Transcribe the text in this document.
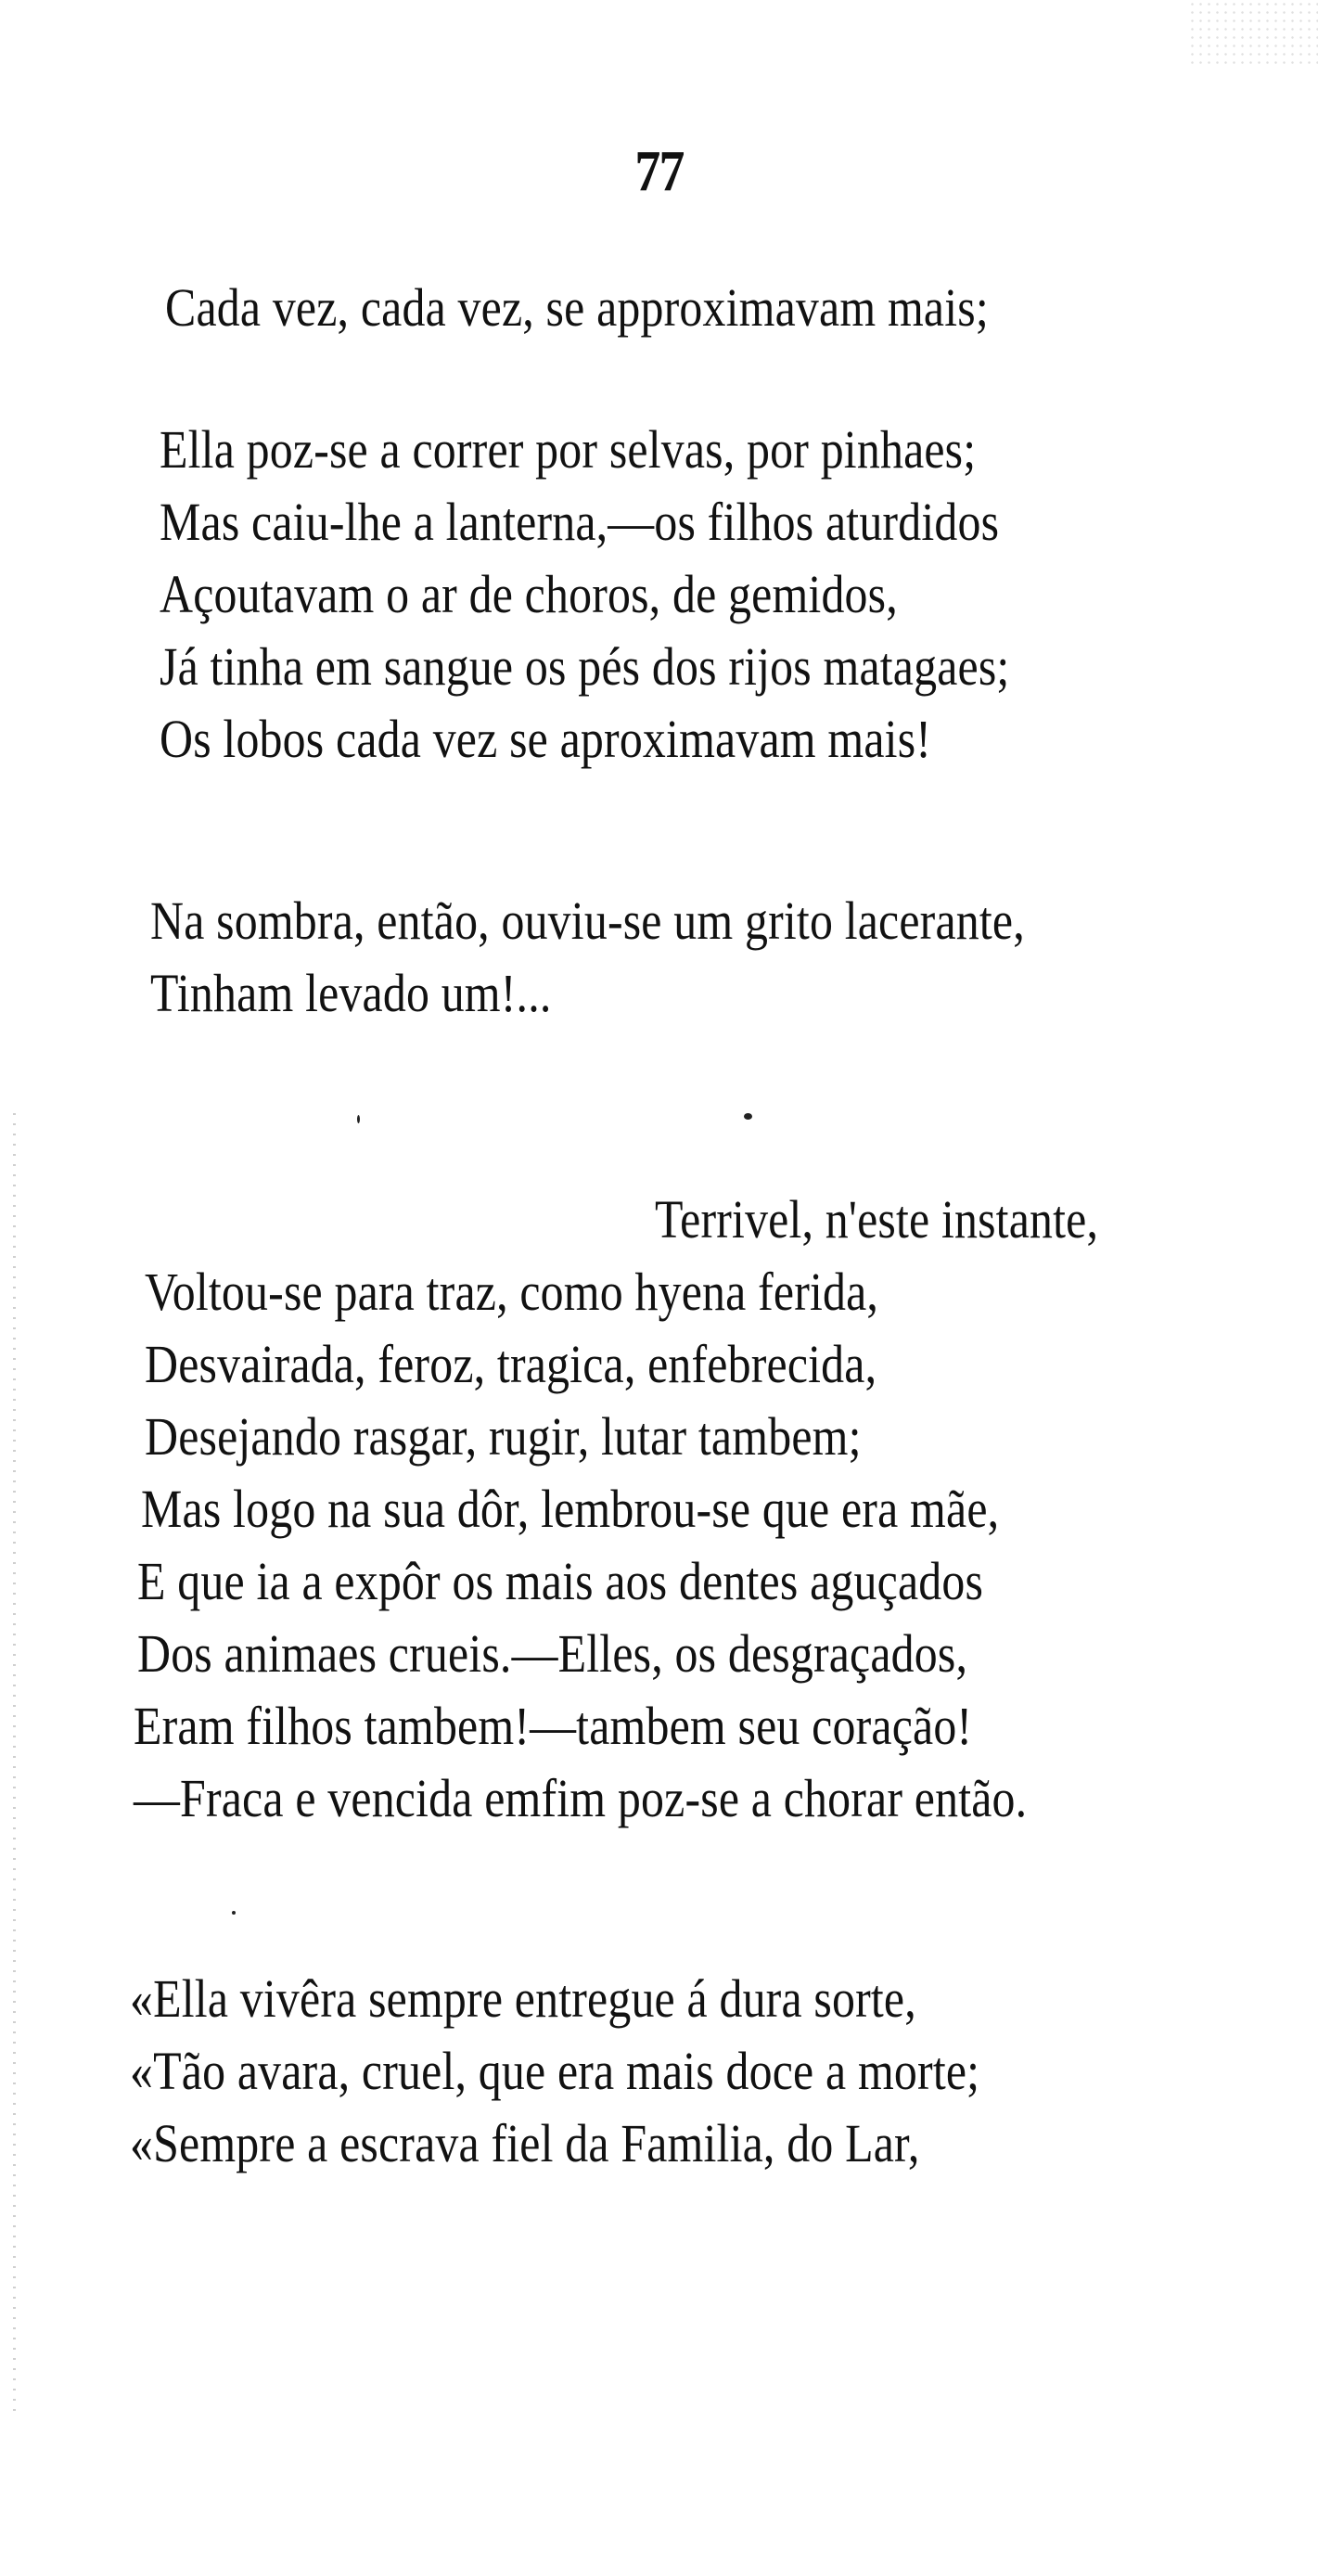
77
Cada vez, cada vez, se approximavam mais;
Ella poz-se a correr por selvas, por pinhaes;
Mas caiu-lhe a lanterna,—os filhos aturdidos
Açoutavam o ar de choros, de gemidos,
Já tinha em sangue os pés dos rijos matagaes;
Os lobos cada vez se aproximavam mais!
Na sombra, então, ouviu-se um grito lacerante,
Tinham levado um!...
Terrivel, n'este instante,
Voltou-se para traz, como hyena ferida,
Desvairada, feroz, tragica, enfebrecida,
Desejando rasgar, rugir, lutar tambem;
Mas logo na sua dôr, lembrou-se que era mãe,
E que ia a expôr os mais aos dentes aguçados
Dos animaes crueis.—Elles, os desgraçados,
Eram filhos tambem!—tambem seu coração!
—Fraca e vencida emfim poz-se a chorar então.
«Ella vivêra sempre entregue á dura sorte,
«Tão avara, cruel, que era mais doce a morte;
«Sempre a escrava fiel da Familia, do Lar,
